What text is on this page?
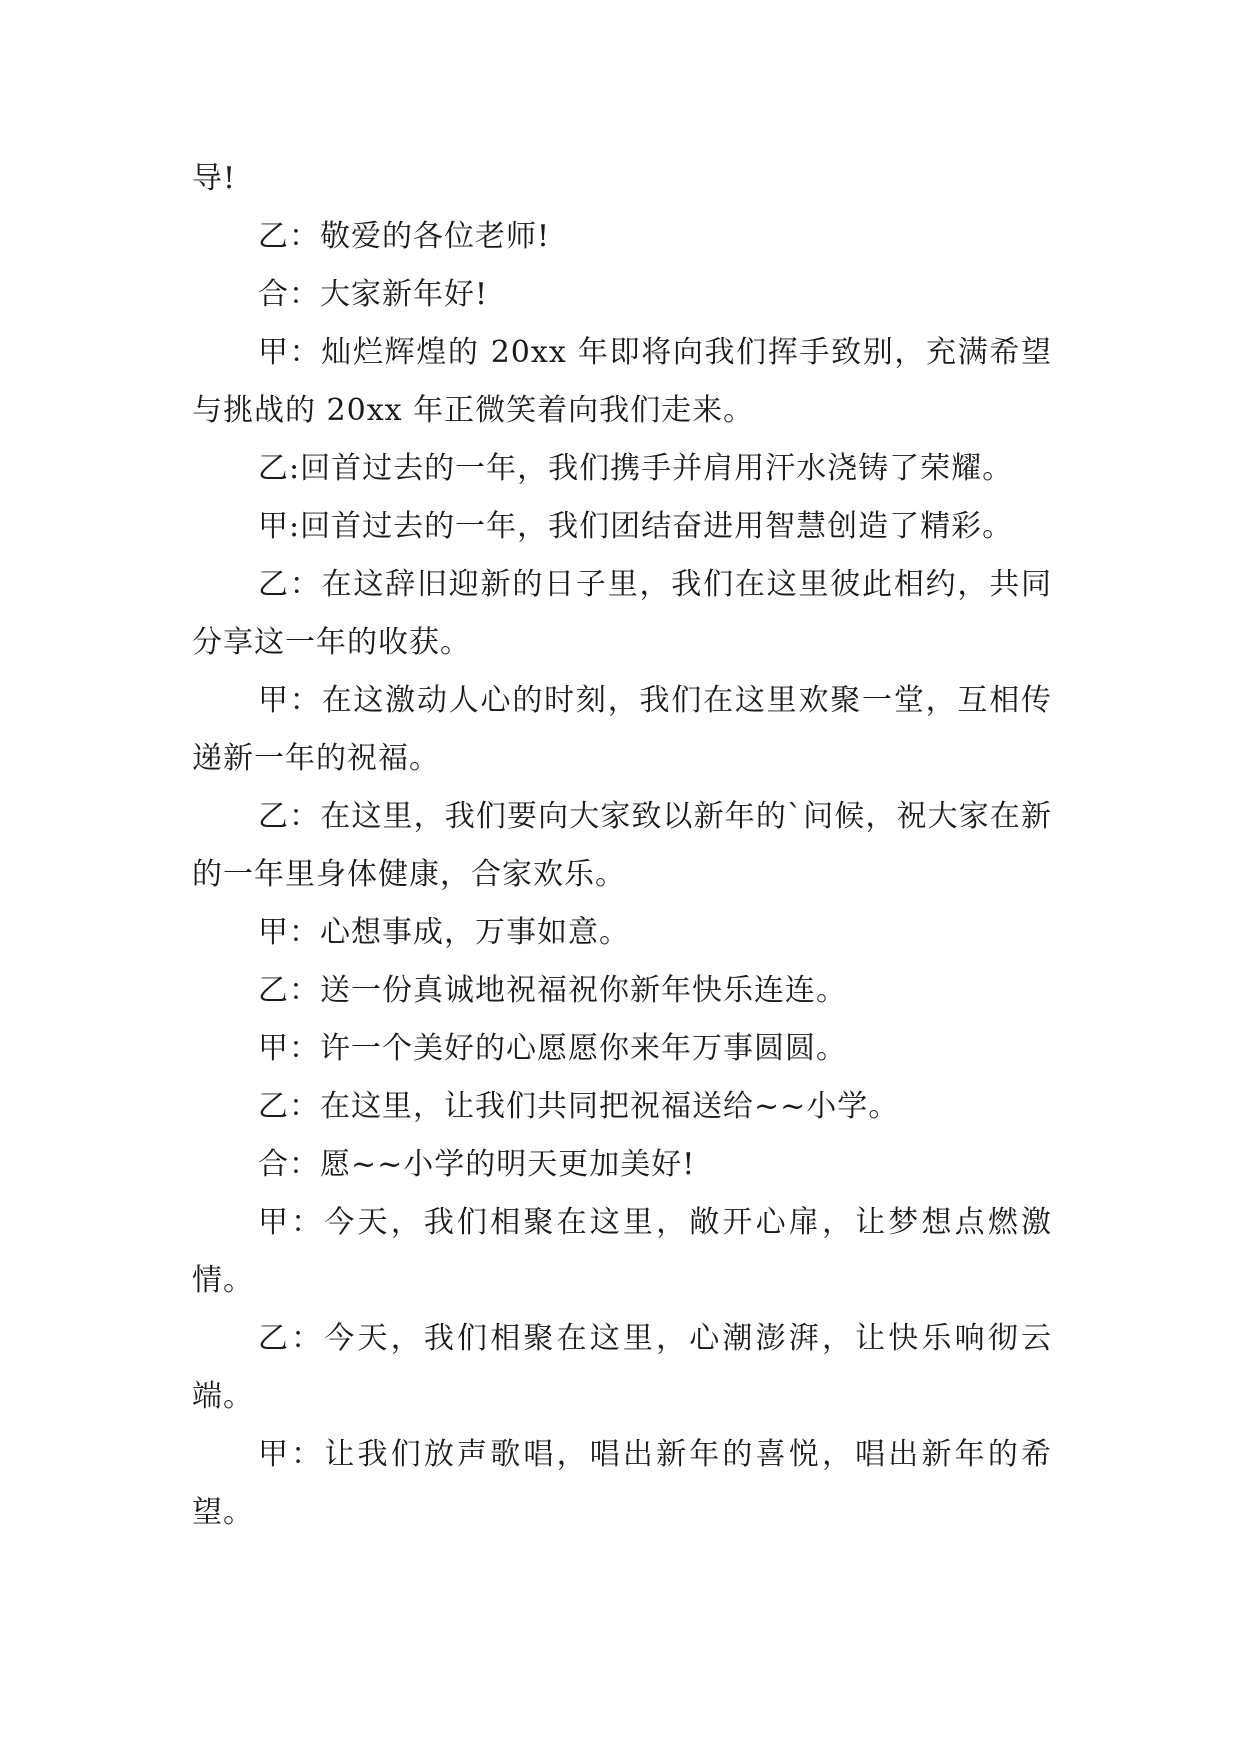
导!

乙：敬爱的各位老师!

合：大家新年好!

甲：灿烂辉煌的 20xx 年即将向我们挥手致别，充满希望与挑战的 20xx 年正微笑着向我们走来。

乙:回首过去的一年，我们携手并肩用汗水浇铸了荣耀。

甲:回首过去的一年，我们团结奋进用智慧创造了精彩。

乙：在这辞旧迎新的日子里，我们在这里彼此相约，共同分享这一年的收获。

甲：在这激动人心的时刻，我们在这里欢聚一堂，互相传递新一年的祝福。

乙：在这里，我们要向大家致以新年的`问候，祝大家在新的一年里身体健康，合家欢乐。

甲：心想事成，万事如意。

乙：送一份真诚地祝福祝你新年快乐连连。

甲：许一个美好的心愿愿你来年万事圆圆。

乙：在这里，让我们共同把祝福送给~~小学。

合：愿~~小学的明天更加美好!

甲：今天，我们相聚在这里，敞开心扉，让梦想点燃激情。

乙：今天，我们相聚在这里，心潮澎湃，让快乐响彻云端。

甲：让我们放声歌唱，唱出新年的喜悦，唱出新年的希望。
